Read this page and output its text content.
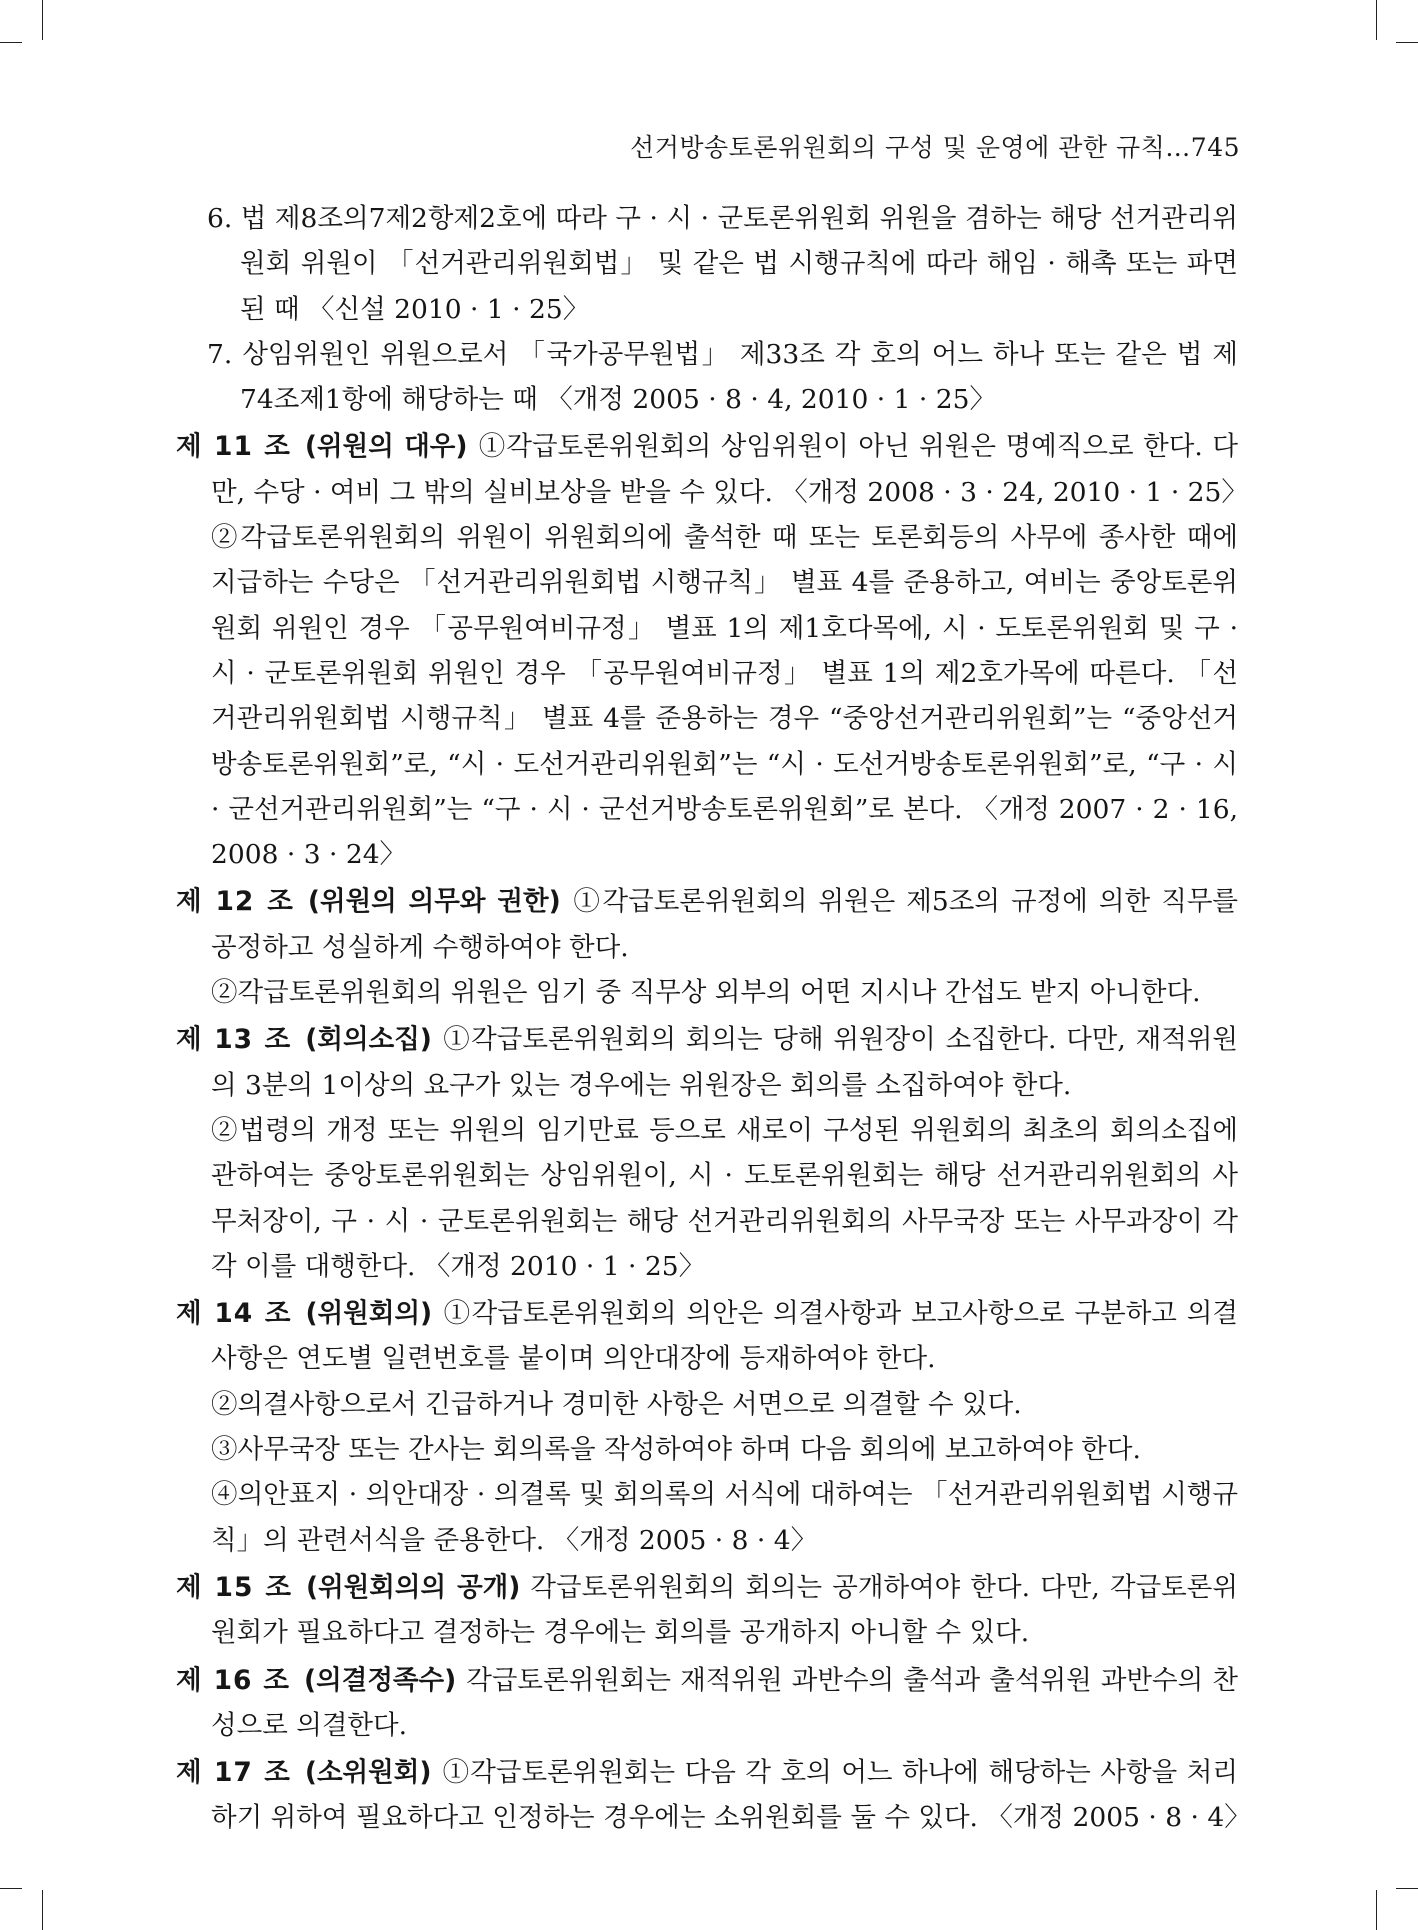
선거방송토론위원회의 구성 및 운영에 관한 규칙…745
6. 법 제8조의7제2항제2호에 따라 구 · 시 · 군토론위원회 위원을 겸하는 해당 선거관리위원회 위원이 「선거관리위원회법」 및 같은 법 시행규칙에 따라 해임 · 해촉 또는 파면된 때 〈신설 2010 · 1 · 25〉
7. 상임위원인 위원으로서 「국가공무원법」 제33조 각 호의 어느 하나 또는 같은 법 제74조제1항에 해당하는 때 〈개정 2005 · 8 · 4, 2010 · 1 · 25〉
제 11 조 (위원의 대우) ①각급토론위원회의 상임위원이 아닌 위원은 명예직으로 한다. 다만, 수당 · 여비 그 밖의 실비보상을 받을 수 있다. 〈개정 2008 · 3 · 24, 2010 · 1 · 25〉
②각급토론위원회의 위원이 위원회의에 출석한 때 또는 토론회등의 사무에 종사한 때에 지급하는 수당은 「선거관리위원회법 시행규칙」 별표 4를 준용하고, 여비는 중앙토론위원회 위원인 경우 「공무원여비규정」 별표 1의 제1호다목에, 시 · 도토론위원회 및 구 · 시 · 군토론위원회 위원인 경우 「공무원여비규정」 별표 1의 제2호가목에 따른다. 「선거관리위원회법 시행규칙」 별표 4를 준용하는 경우 “중앙선거관리위원회”는 “중앙선거방송토론위원회”로, “시 · 도선거관리위원회”는 “시 · 도선거방송토론위원회”로, “구 · 시 · 군선거관리위원회”는 “구 · 시 · 군선거방송토론위원회”로 본다. 〈개정 2007 · 2 · 16, 2008 · 3 · 24〉
제 12 조 (위원의 의무와 권한) ①각급토론위원회의 위원은 제5조의 규정에 의한 직무를 공정하고 성실하게 수행하여야 한다.
②각급토론위원회의 위원은 임기 중 직무상 외부의 어떤 지시나 간섭도 받지 아니한다.
제 13 조 (회의소집) ①각급토론위원회의 회의는 당해 위원장이 소집한다. 다만, 재적위원의 3분의 1이상의 요구가 있는 경우에는 위원장은 회의를 소집하여야 한다.
②법령의 개정 또는 위원의 임기만료 등으로 새로이 구성된 위원회의 최초의 회의소집에 관하여는 중앙토론위원회는 상임위원이, 시 · 도토론위원회는 해당 선거관리위원회의 사무처장이, 구 · 시 · 군토론위원회는 해당 선거관리위원회의 사무국장 또는 사무과장이 각각 이를 대행한다. 〈개정 2010 · 1 · 25〉
제 14 조 (위원회의) ①각급토론위원회의 의안은 의결사항과 보고사항으로 구분하고 의결사항은 연도별 일련번호를 붙이며 의안대장에 등재하여야 한다.
②의결사항으로서 긴급하거나 경미한 사항은 서면으로 의결할 수 있다.
③사무국장 또는 간사는 회의록을 작성하여야 하며 다음 회의에 보고하여야 한다.
④의안표지 · 의안대장 · 의결록 및 회의록의 서식에 대하여는 「선거관리위원회법 시행규칙」의 관련서식을 준용한다. 〈개정 2005 · 8 · 4〉
제 15 조 (위원회의의 공개) 각급토론위원회의 회의는 공개하여야 한다. 다만, 각급토론위원회가 필요하다고 결정하는 경우에는 회의를 공개하지 아니할 수 있다.
제 16 조 (의결정족수) 각급토론위원회는 재적위원 과반수의 출석과 출석위원 과반수의 찬성으로 의결한다.
제 17 조 (소위원회) ①각급토론위원회는 다음 각 호의 어느 하나에 해당하는 사항을 처리하기 위하여 필요하다고 인정하는 경우에는 소위원회를 둘 수 있다. 〈개정 2005 · 8 · 4〉
